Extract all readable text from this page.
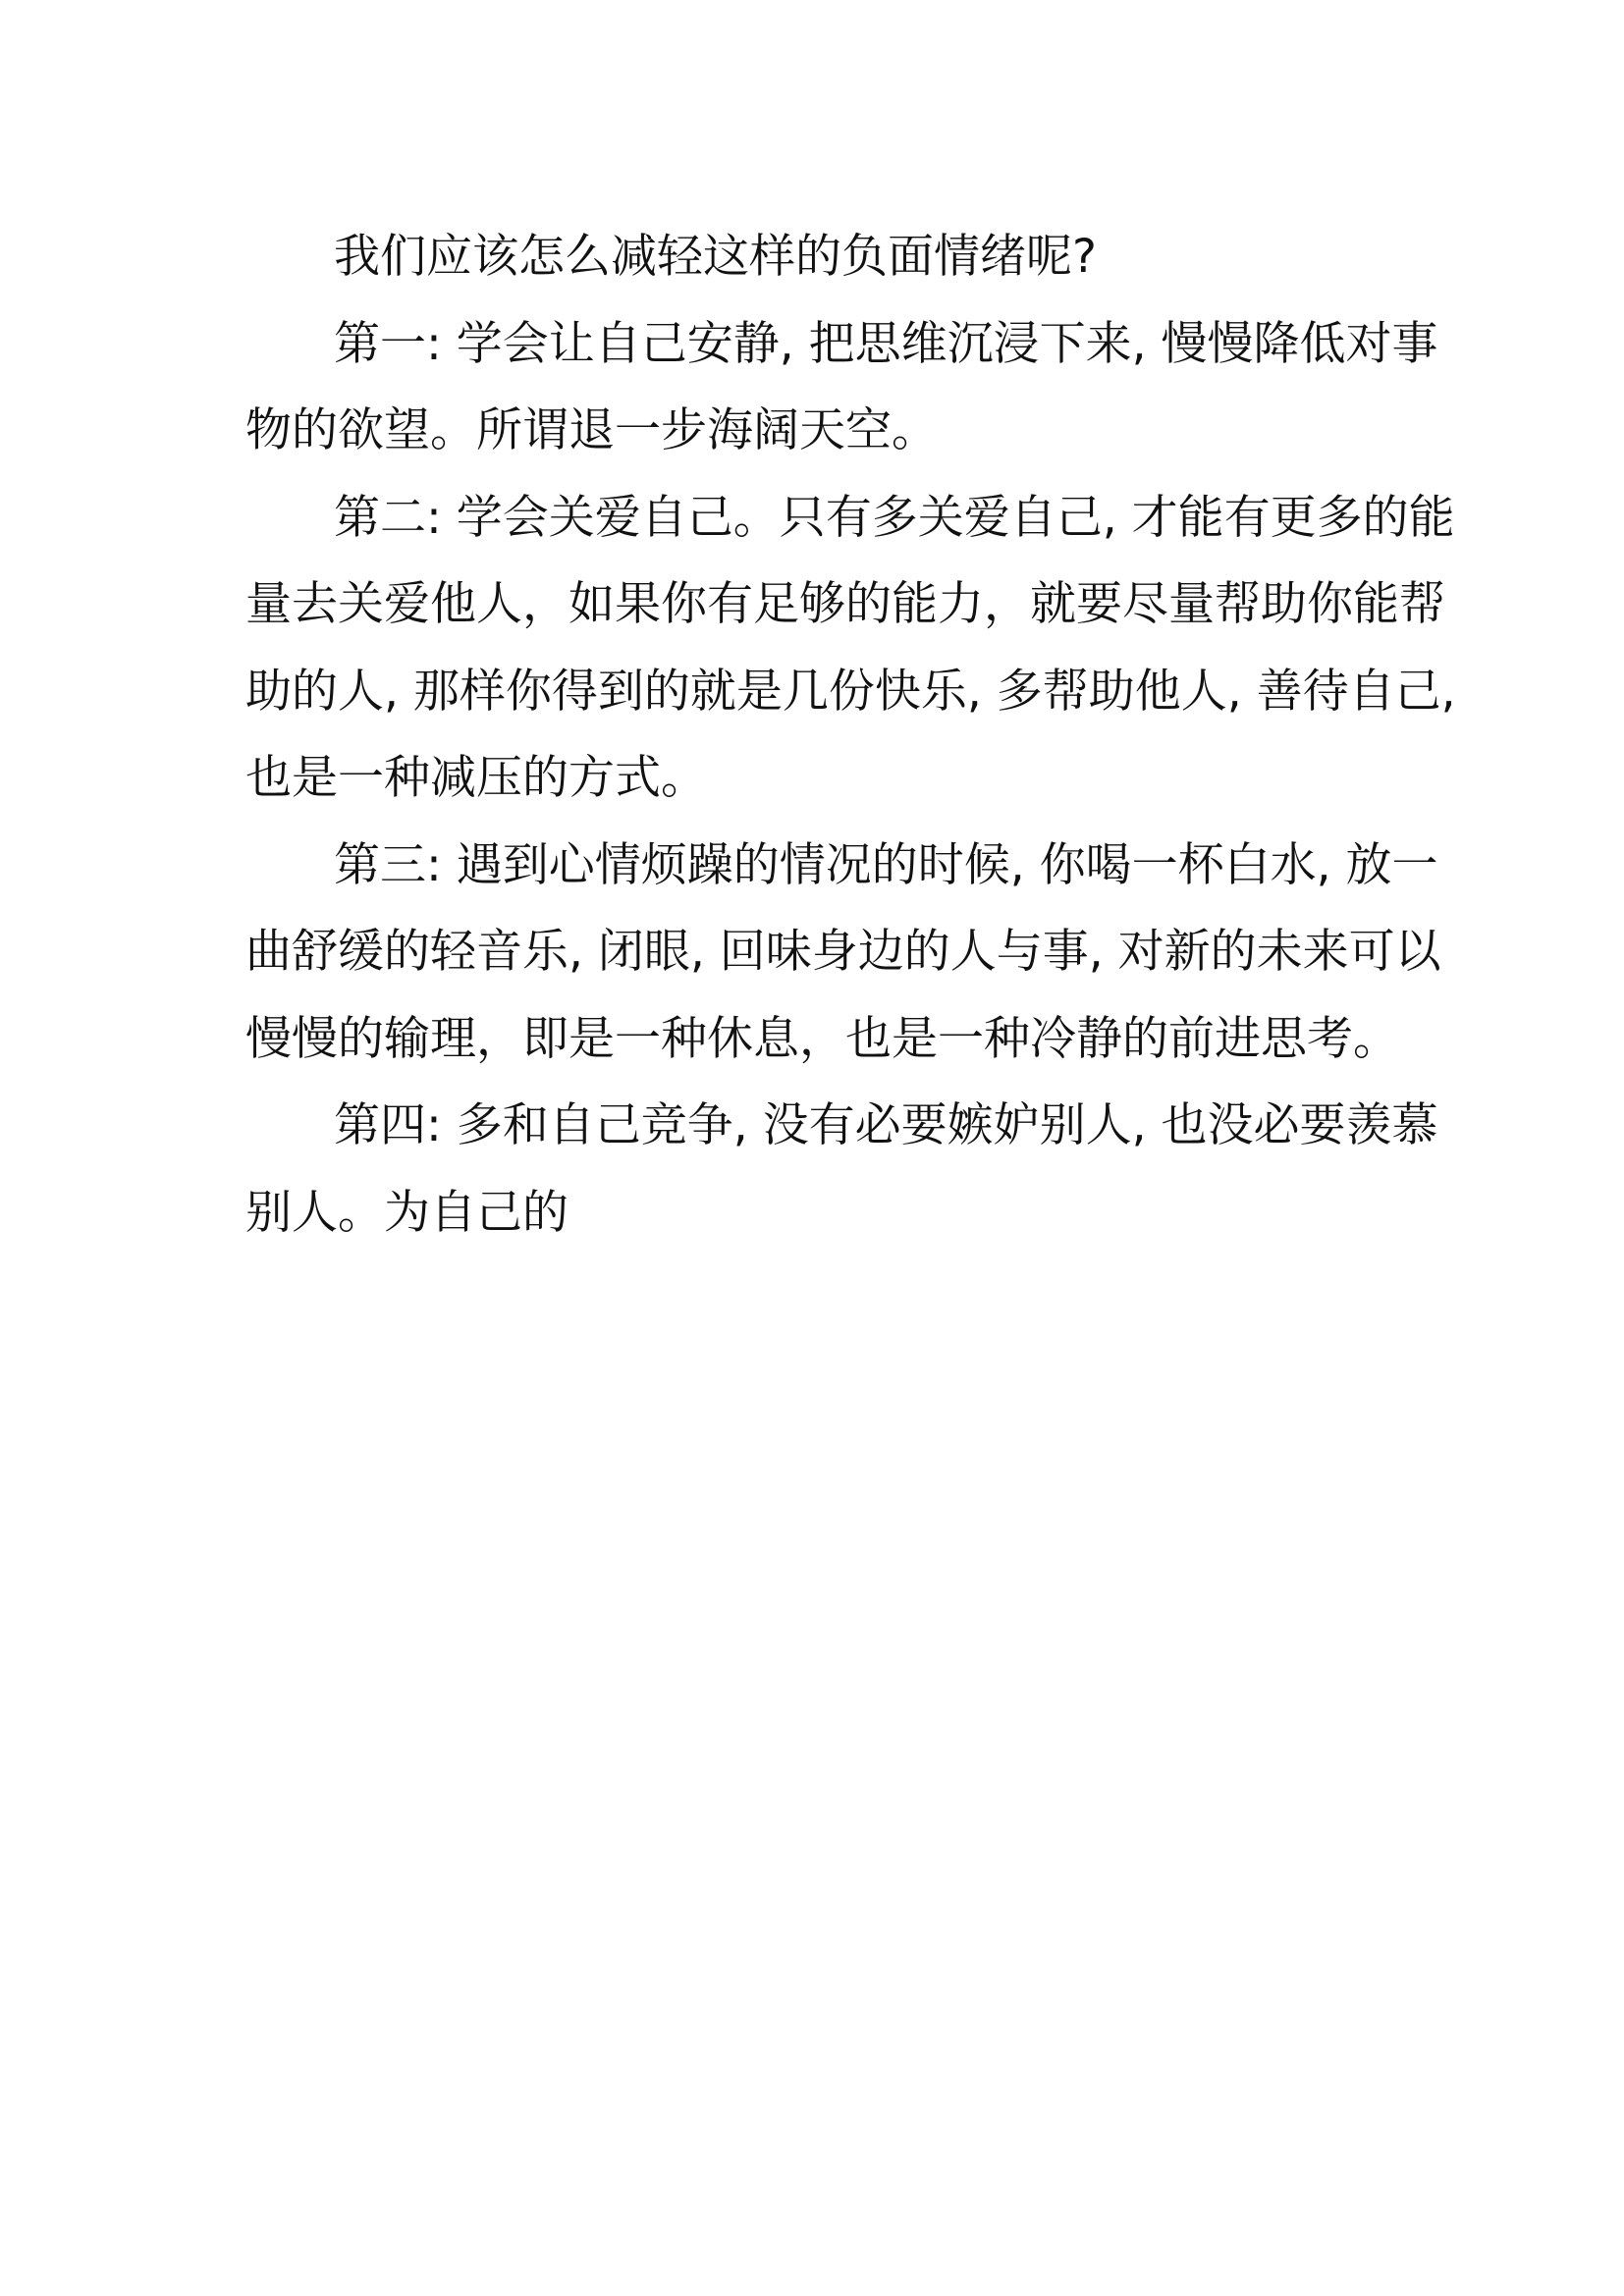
我们应该怎么减轻这样的负面情绪呢?
第一: 学会让自己安静, 把思维沉浸下来, 慢慢降低对事
物的欲望。所谓退一步海阔天空。
第二: 学会关爱自己。只有多关爱自己, 才能有更多的能
量去关爱他人，如果你有足够的能力，就要尽量帮助你能帮
助的人, 那样你得到的就是几份快乐, 多帮助他人, 善待自己,
也是一种减压的方式。
第三: 遇到心情烦躁的情况的时候, 你喝一杯白水, 放一
曲舒缓的轻音乐, 闭眼, 回味身边的人与事, 对新的未来可以
慢慢的输理，即是一种休息，也是一种冷静的前进思考。
第四: 多和自己竞争, 没有必要嫉妒别人, 也没必要羡慕
别人。为自己的
